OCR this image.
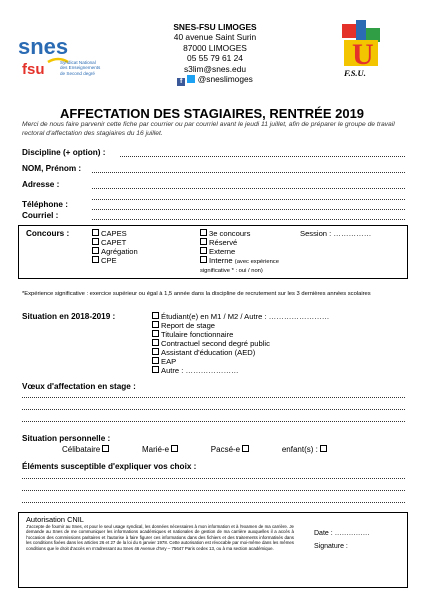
snes
fsu	Syndicat National
des Enseignements
de Second degré
SNES-FSU LIMOGES
40 avenue Saint Surin
87000 LIMOGES
05 55 79 61 24
s3lim@snes.edu
f @sneslimoges
U
F.S.U.
AFFECTATION DES STAGIAIRES, RENTRÉE 2019
Merci de nous faire parvenir cette fiche par courrier ou par courriel avant le jeudi 11 juillet, afin de préparer le groupe de travail rectoral d'affectation des stagiaires du 16 juillet.
Discipline (+ option) :
NOM, Prénom :
Adresse :
Téléphone :
Courriel :
Concours :	CAPES
CAPET
Agrégation
CPE
3e concours
Réservé
Externe
Interne (avec expérience
significative * : oui / non)
Session : ……………
*Expérience significative : exercice supérieur ou égal à 1,5 année dans la discipline de recrutement sur les 3 dernières années scolaires
Situation en 2018-2019 :	Étudiant(e) en M1 / M2 / Autre : ……………………
Report de stage
Titulaire fonctionnaire
Contractuel second degré public
Assistant d'éducation (AED)
EAP
Autre : …………………
Vœux d'affectation en stage :
Situation personnelle :
Célibataire	Marié-e	Pacsé-e	enfant(s) :
Éléments susceptible d'expliquer vos choix :
Autorisation CNIL
J'accepte de fournir au Snes, et pour le seul usage syndical, les données nécessaires à mon information et à l'examen de ma carrière. Je demande au Snes de me communiquer les informations académiques et nationales de gestion de ma carrière auxquelles il a accès à l'occasion des commissions paritaires et l'autorise à faire figurer ces informations dans des fichiers et des traitements informatisés dans les conditions fixées dans les articles 26 et 27 de la loi du 6 janvier 1978. Cette autorisation est révocable par moi-même dans les mêmes conditions que le droit d'accès en m'adressant au Snes 46 Avenue d'Ivry – 75647 Paris cedex 13, ou à ma section académique.
Date : ……………
Signature :
